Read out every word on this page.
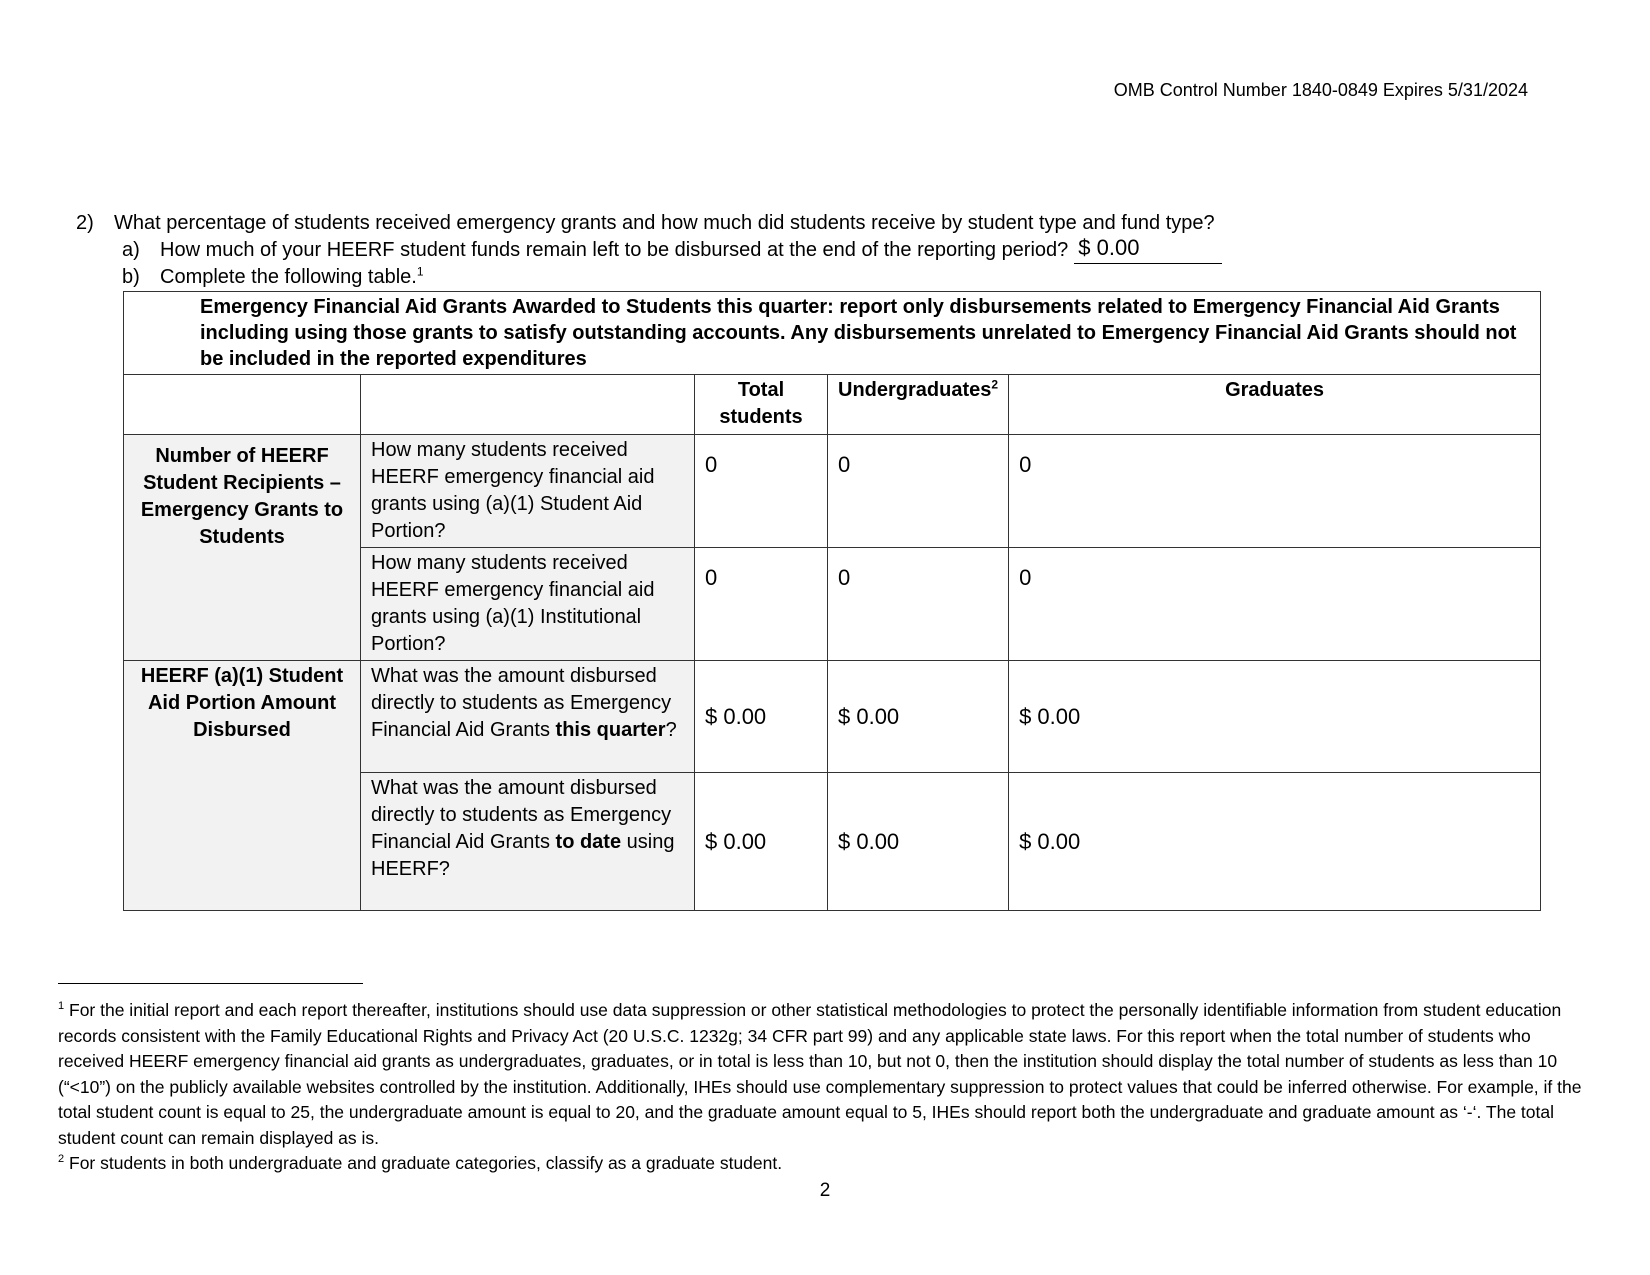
OMB Control Number 1840-0849 Expires 5/31/2024
2)	What percentage of students received emergency grants and how much did students receive by student type and fund type?
a)	How much of your HEERF student funds remain left to be disbursed at the end of the reporting period? $ 0.00
b)	Complete the following table.$^1$
Emergency Financial Aid Grants Awarded to Students this quarter: report only disbursements related to Emergency Financial Aid Grants including using those grants to satisfy outstanding accounts. Any disbursements unrelated to Emergency Financial Aid Grants should not be included in the reported expenditures				
		Total students	Undergraduates$^2$	Graduates
Number of HEERF Student Recipients – Emergency Grants to Students	How many students received HEERF emergency financial aid grants using (a)(1) Student Aid Portion?	0	0	0
	How many students received HEERF emergency financial aid grants using (a)(1) Institutional Portion?	0	0	0
HEERF (a)(1) Student Aid Portion Amount Disbursed	What was the amount disbursed directly to students as Emergency Financial Aid Grants this quarter?	$ 0.00	$ 0.00	$ 0.00
	What was the amount disbursed directly to students as Emergency Financial Aid Grants to date using HEERF?	$ 0.00	$ 0.00	$ 0.00
$^1$ For the initial report and each report thereafter, institutions should use data suppression or other statistical methodologies to protect the personally identifiable information from student education records consistent with the Family Educational Rights and Privacy Act (20 U.S.C. 1232g; 34 CFR part 99) and any applicable state laws. For this report when the total number of students who received HEERF emergency financial aid grants as undergraduates, graduates, or in total is less than 10, but not 0, then the institution should display the total number of students as less than 10 (“<10”) on the publicly available websites controlled by the institution. Additionally, IHEs should use complementary suppression to protect values that could be inferred otherwise. For example, if the total student count is equal to 25, the undergraduate amount is equal to 20, and the graduate amount equal to 5, IHEs should report both the undergraduate and graduate amount as ‘-‘. The total student count can remain displayed as is.
$^2$ For students in both undergraduate and graduate categories, classify as a graduate student.
2
